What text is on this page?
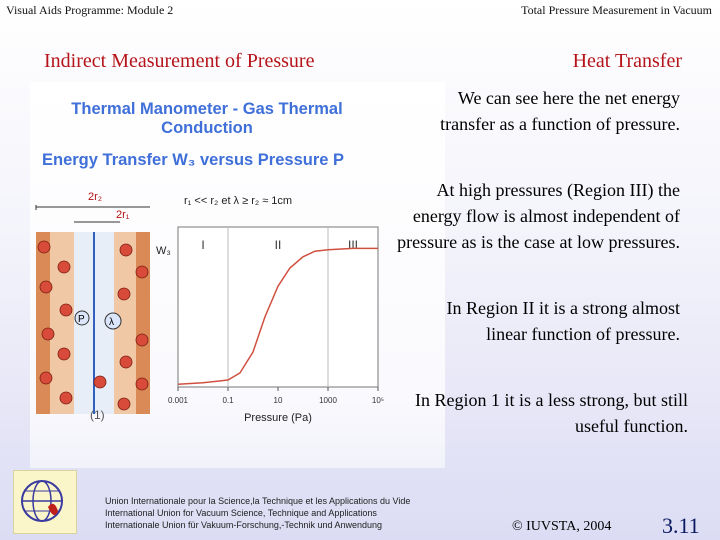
Visual Aids Programme: Module 2	Total Pressure Measurement in Vacuum
Indirect Measurement of Pressure	Heat Transfer
Thermal Manometer - Gas Thermal Conduction
Energy Transfer W₃ versus Pressure P
2r₂
2r₁
P λ
(1)
r₁ << r₂ et λ ≥ r₂ ≈ 1cm
W₃	I	II	III
0.001	0.1	10	1000	10⁵
Pressure (Pa)
We can see here the net energy transfer as a function of pressure.
At high pressures (Region III) the energy flow is almost independent of pressure as is the case at low pressures.
In Region II it is a strong almost linear function of pressure.
In Region 1 it is a less strong, but still useful function.
Union Internationale pour la Science,la Technique et les Applications du Vide
International Union for Vacuum Science, Technique and Applications
Internationale Union für Vakuum-Forschung,-Technik und Anwendung	© IUVSTA, 2004 3.11
